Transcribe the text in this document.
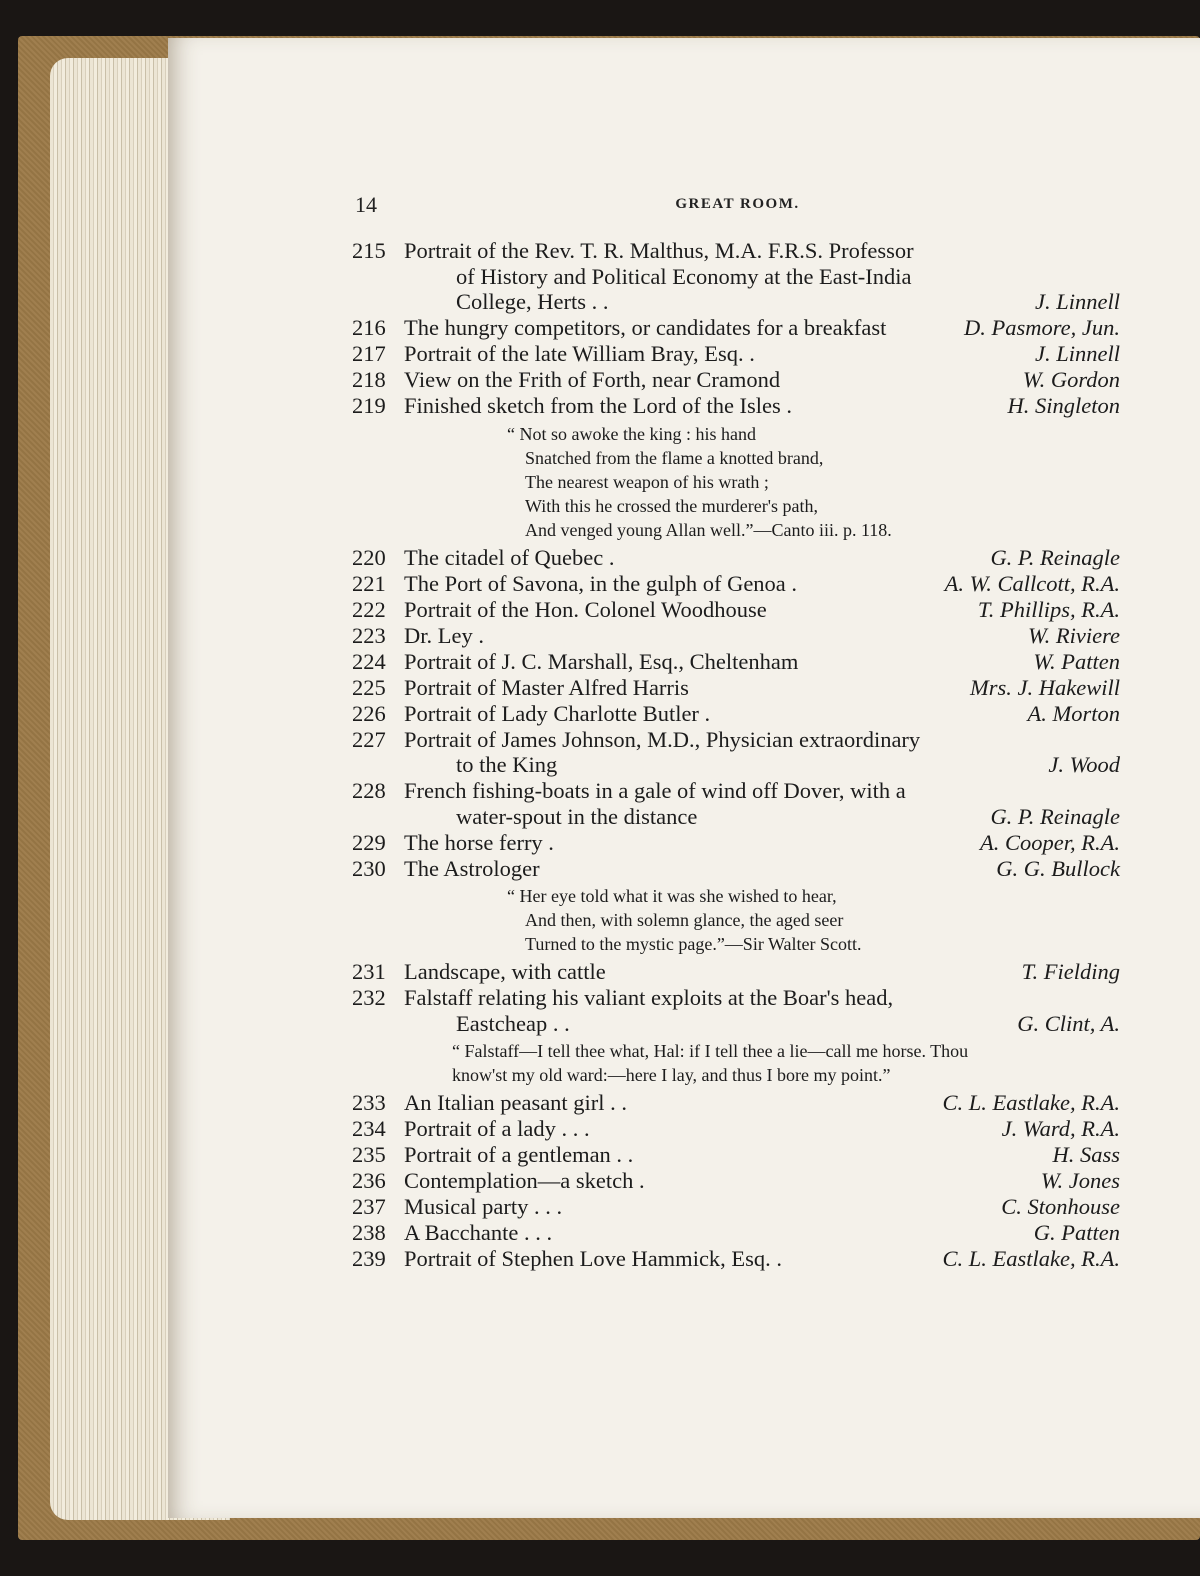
14	GREAT ROOM.
215 Portrait of the Rev. T. R. Malthus, M.A. F.R.S. Professor
of History and Political Economy at the East-India
College, Herts . .	J. Linnell
216 The hungry competitors, or candidates for a breakfast	D. Pasmore, Jun.
217 Portrait of the late William Bray, Esq. .	J. Linnell
218 View on the Frith of Forth, near Cramond	W. Gordon
219 Finished sketch from the Lord of the Isles .	H. Singleton
“ Not so awoke the king : his hand
Snatched from the flame a knotted brand,
The nearest weapon of his wrath ;
With this he crossed the murderer's path,
And venged young Allan well.”—Canto iii. p. 118.
220 The citadel of Quebec .	G. P. Reinagle
221 The Port of Savona, in the gulph of Genoa .	A. W. Callcott, R.A.
222 Portrait of the Hon. Colonel Woodhouse	T. Phillips, R.A.
223 Dr. Ley .	W. Riviere
224 Portrait of J. C. Marshall, Esq., Cheltenham	W. Patten
225 Portrait of Master Alfred Harris	Mrs. J. Hakewill
226 Portrait of Lady Charlotte Butler .	A. Morton
227 Portrait of James Johnson, M.D., Physician extraordinary
to the King	J. Wood
228 French fishing-boats in a gale of wind off Dover, with a
water-spout in the distance	G. P. Reinagle
229 The horse ferry .	A. Cooper, R.A.
230 The Astrologer	G. G. Bullock
“ Her eye told what it was she wished to hear,
And then, with solemn glance, the aged seer
Turned to the mystic page.”—Sir Walter Scott.
231 Landscape, with cattle	T. Fielding
232 Falstaff relating his valiant exploits at the Boar's head,
Eastcheap . .	G. Clint, A.
“ Falstaff—I tell thee what, Hal: if I tell thee a lie—call me horse. Thou know'st my old ward:—here I lay, and thus I bore my point.”
233 An Italian peasant girl . .	C. L. Eastlake, R.A.
234 Portrait of a lady . . .	J. Ward, R.A.
235 Portrait of a gentleman . .	H. Sass
236 Contemplation—a sketch .	W. Jones
237 Musical party . . .	C. Stonhouse
238 A Bacchante . . .	G. Patten
239 Portrait of Stephen Love Hammick, Esq. .	C. L. Eastlake, R.A.
